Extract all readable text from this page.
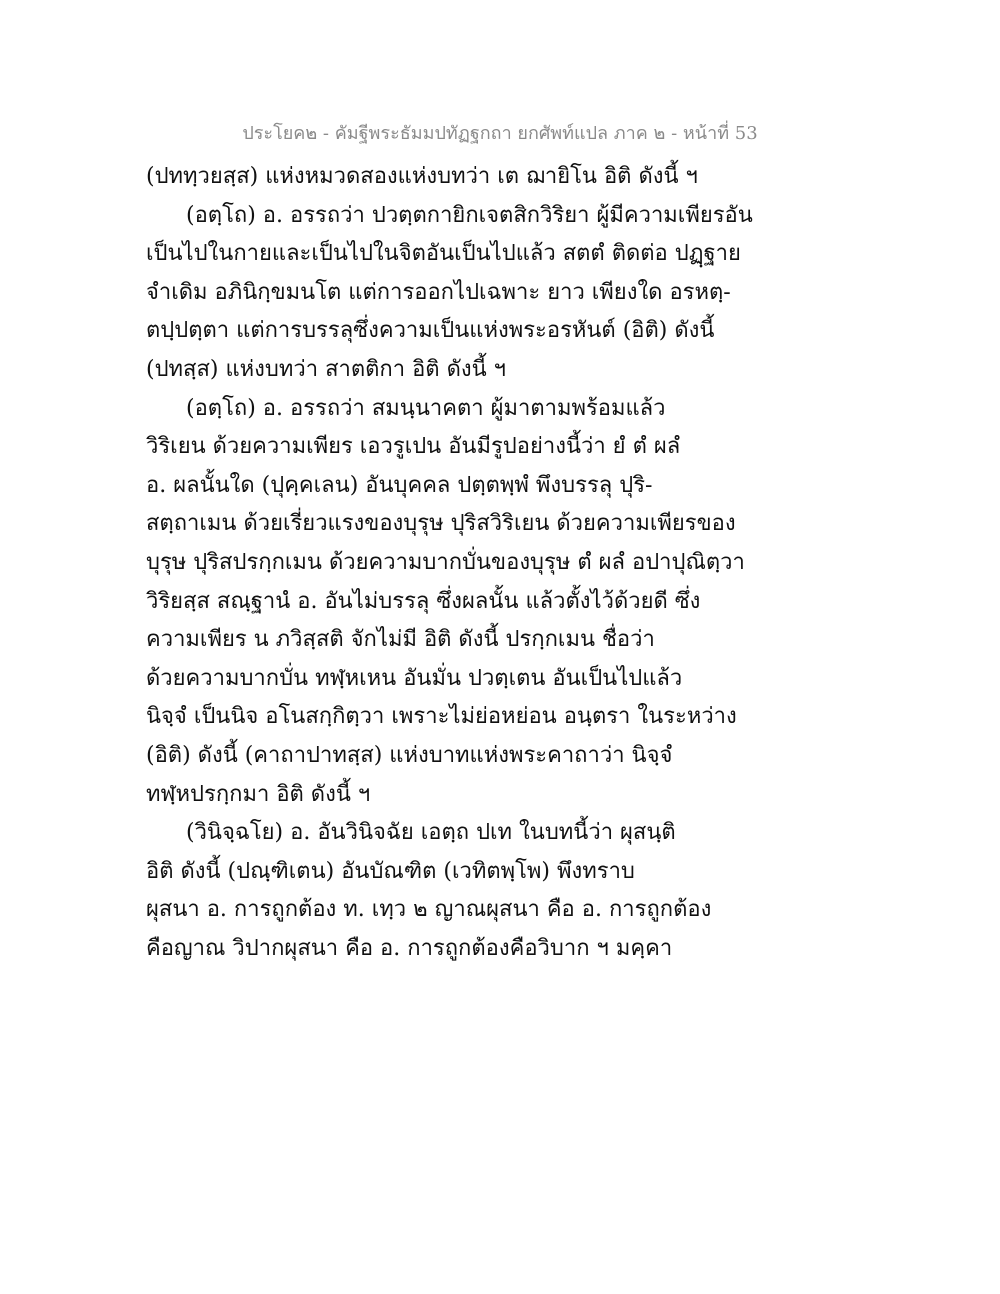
ประโยค๒ - คัมฐีพระธัมมปทัฏฐกถา ยกศัพท์แปล ภาค ๒ - หน้าที่ 53
(ปททฺวยสฺส) แห่งหมวดสองแห่งบทว่า เต ฌายิโน อิติ ดังนี้ ฯ
(อตฺโถ) อ. อรรถว่า ปวตฺตกายิกเจตสิกวิริยา ผู้มีความเพียรอัน
เป็นไปในกายและเป็นไปในจิตอันเป็นไปแล้ว สตตํ ติดต่อ ปฏฺฐาย
จำเดิม อภินิกฺขมนโต แต่การออกไปเฉพาะ ยาว เพียงใด อรหตฺ-
ตปฺปตฺตา แต่การบรรลุซึ่งความเป็นแห่งพระอรหันต์ (อิติ) ดังนี้
(ปทสฺส) แห่งบทว่า สาตติกา อิติ ดังนี้ ฯ
(อตฺโถ) อ. อรรถว่า สมนฺนาคตา ผู้มาตามพร้อมแล้ว
วิริเยน ด้วยความเพียร เอวรูเปน อันมีรูปอย่างนี้ว่า ยํ ตํ ผลํ
อ. ผลนั้นใด (ปุคฺคเลน) อันบุคคล ปตฺตพฺพํ พึงบรรลุ ปุริ-
สตฺถาเมน ด้วยเรี่ยวแรงของบุรุษ ปุริสวิริเยน ด้วยความเพียรของ
บุรุษ ปุริสปรกฺกเมน ด้วยความบากบั่นของบุรุษ ตํ ผลํ อปาปุณิตฺวา
วิริยสฺส สณฺฐานํ อ. อันไม่บรรลุ ซึ่งผลนั้น แล้วตั้งไว้ด้วยดี ซึ่ง
ความเพียร น ภวิสฺสติ จักไม่มี อิติ ดังนี้ ปรกฺกเมน ชื่อว่า
ด้วยความบากบั่น ทฬฺหเหน อันมั่น ปวตฺเตน อันเป็นไปแล้ว
นิจฺจํ เป็นนิจ อโนสกฺกิตฺวา เพราะไม่ย่อหย่อน อนฺตรา ในระหว่าง
(อิติ) ดังนี้ (คาถาปาทสฺส) แห่งบาทแห่งพระคาถาว่า นิจฺจํ
ทฬฺหปรกฺกมา อิติ ดังนี้ ฯ
(วินิจฺฉโย) อ. อันวินิจฉัย เอตฺถ ปเท ในบทนี้ว่า ผุสนฺติ
อิติ ดังนี้ (ปณฺฑิเตน) อันบัณฑิต (เวทิตพฺโพ) พึงทราบ
ผุสนา อ. การถูกต้อง ท. เทฺว ๒ ญาณผุสนา คือ อ. การถูกต้อง
คือญาณ วิปากผุสนา คือ อ. การถูกต้องคือวิบาก ฯ มคฺคา
